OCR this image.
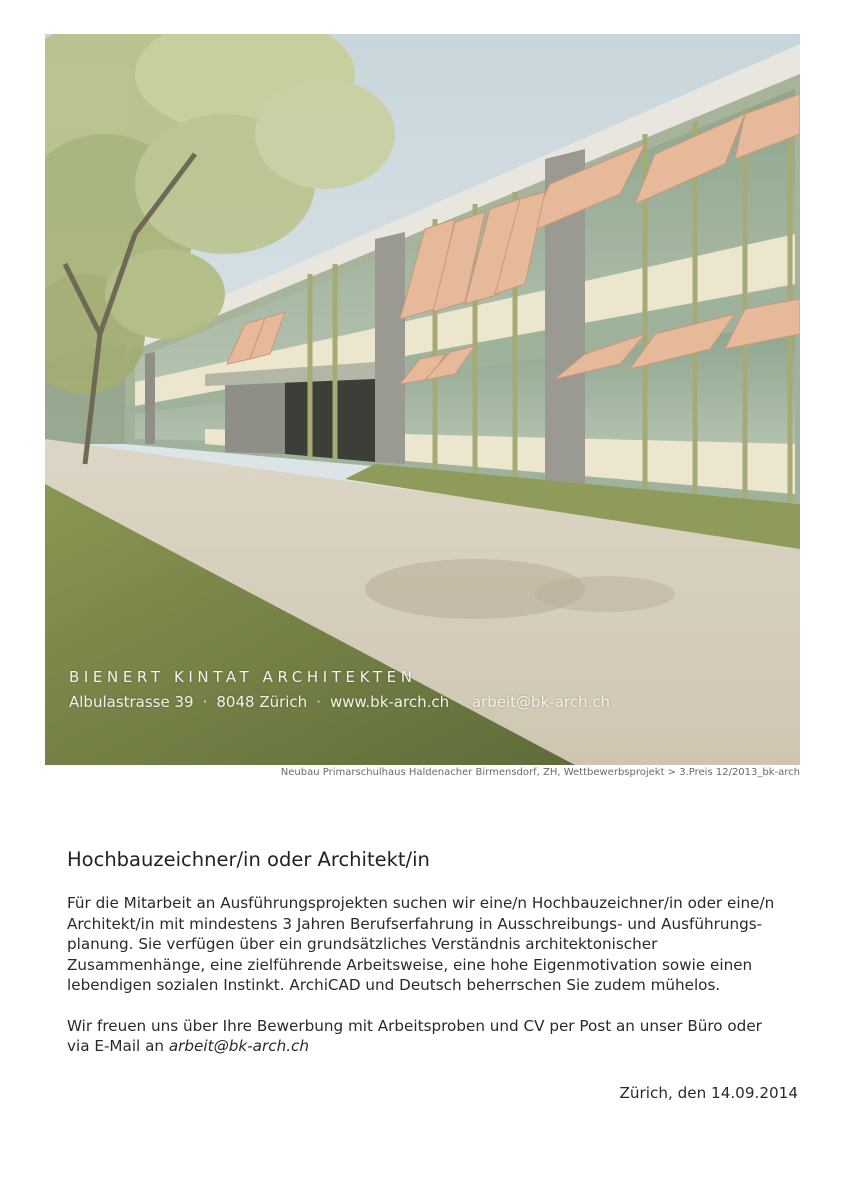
BIENERT KINTAT ARCHITEKTEN
Albulastrasse 39 · 8048 Zürich · www.bk-arch.ch · arbeit@bk-arch.ch
Neubau Primarschulhaus Haldenacher Birmensdorf, ZH, Wettbewerbsprojekt > 3.Preis 12/2013_bk-arch
Hochbauzeichner/in oder Architekt/in

Für die Mitarbeit an Ausführungsprojekten suchen wir eine/n Hochbauzeichner/in oder eine/n Architekt/in mit mindestens 3 Jahren Berufserfahrung in Ausschreibungs- und Ausführungs-planung. Sie verfügen über ein grundsätzliches Verständnis architektonischer Zusammenhänge, eine zielführende Arbeitsweise, eine hohe Eigenmotivation sowie einen lebendigen sozialen Instinkt. ArchiCAD und Deutsch beherrschen Sie zudem mühelos.

Wir freuen uns über Ihre Bewerbung mit Arbeitsproben und CV per Post an unser Büro oder via E-Mail an arbeit@bk-arch.ch

Zürich, den 14.09.2014
